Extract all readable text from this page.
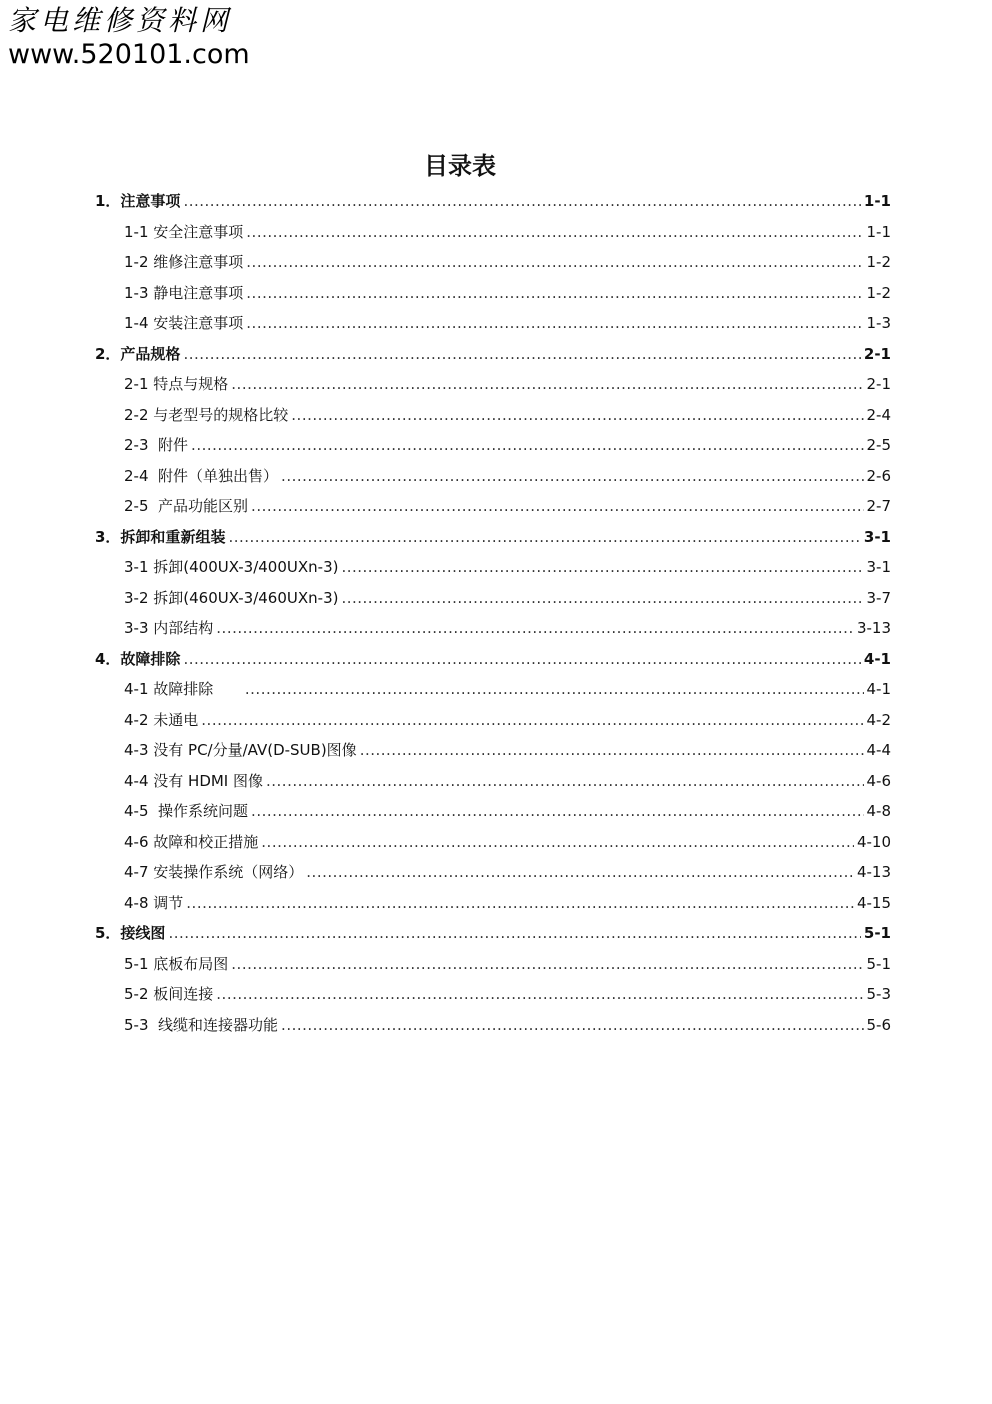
家电维修资料网
www.520101.com
目录表
1．注意事项 .....	1-1
1-1 安全注意事项 .....	1-1
1-2 维修注意事项 .....	1-2
1-3 静电注意事项 .....	1-2
1-4 安装注意事项 .....	1-3
2．产品规格 .....	2-1
2-1 特点与规格 .....	2-1
2-2 与老型号的规格比较 .....	2-4
2-3  附件 .....	2-5
2-4  附件（单独出售） .....	2-6
2-5  产品功能区别 .....	2-7
3．拆卸和重新组装 .....	3-1
3-1 拆卸(400UX-3/400UXn-3) .....	3-1
3-2 拆卸(460UX-3/460UXn-3) .....	3-7
3-3 内部结构 .....	3-13
4．故障排除 .....	4-1
4-1 故障排除 .....	4-1
4-2 未通电 .....	4-2
4-3 没有 PC/分量/AV(D-SUB)图像 .....	4-4
4-4 没有 HDMI 图像 .....	4-6
4-5  操作系统问题 .....	4-8
4-6 故障和校正措施 .....	4-10
4-7 安装操作系统（网络） .....	4-13
4-8 调节 .....	4-15
5．接线图 .....	5-1
5-1 底板布局图 .....	5-1
5-2 板间连接 .....	5-3
5-3  线缆和连接器功能 .....	5-6
